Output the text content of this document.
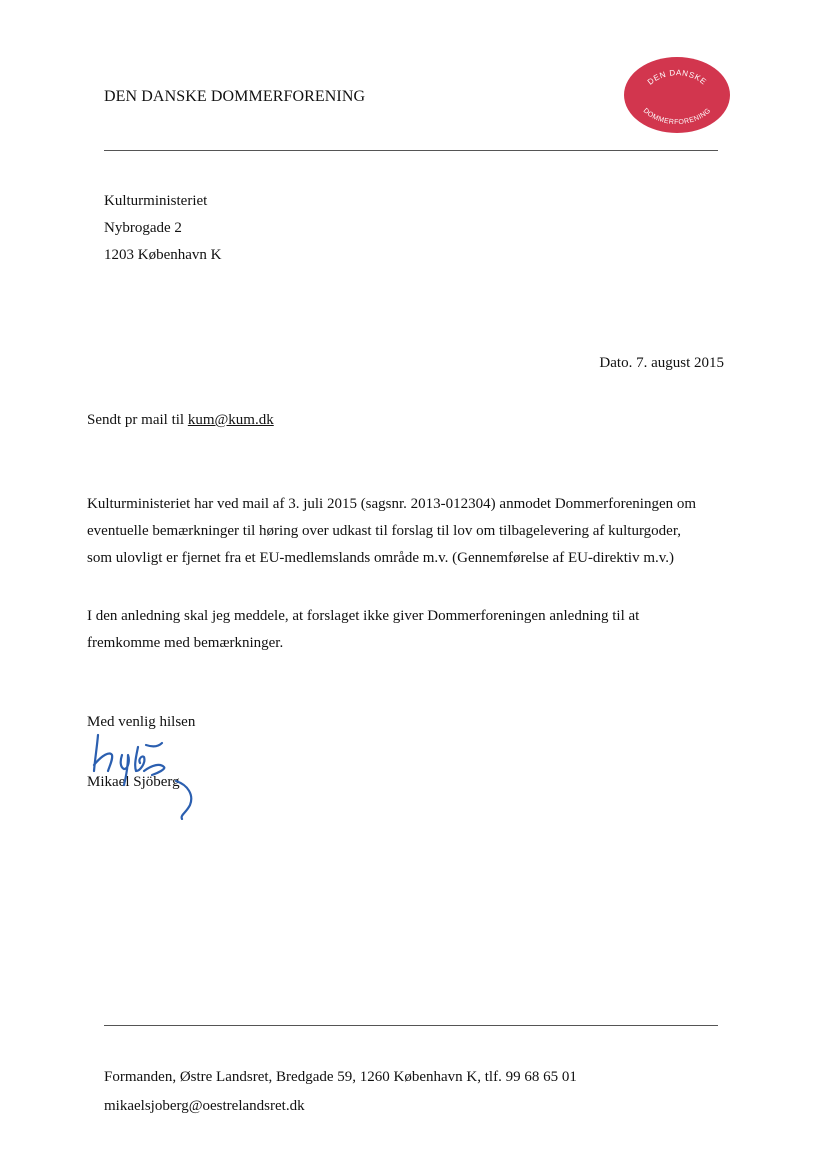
DEN DANSKE DOMMERFORENING

DEN DANSKE
DOMMERFORENING
Kulturministeriet
Nybrogade 2
1203 København K

Dato. 7. august 2015

Sendt pr mail til kum@kum.dk

Kulturministeriet har ved mail af 3. juli 2015 (sagsnr. 2013-012304) anmodet Dommerforeningen om
eventuelle bemærkninger til høring over udkast til forslag til lov om tilbagelevering af kulturgoder,
som ulovligt er fjernet fra et EU-medlemslands område m.v. (Gennemførelse af EU-direktiv m.v.)
I den anledning skal jeg meddele, at forslaget ikke giver Dommerforeningen anledning til at
fremkomme med bemærkninger.

Med venlig hilsen

Mikael Sjöberg

Formanden, Østre Landsret, Bredgade 59, 1260 København K, tlf. 99 68 65 01
mikaelsjoberg@oestrelandsret.dk
